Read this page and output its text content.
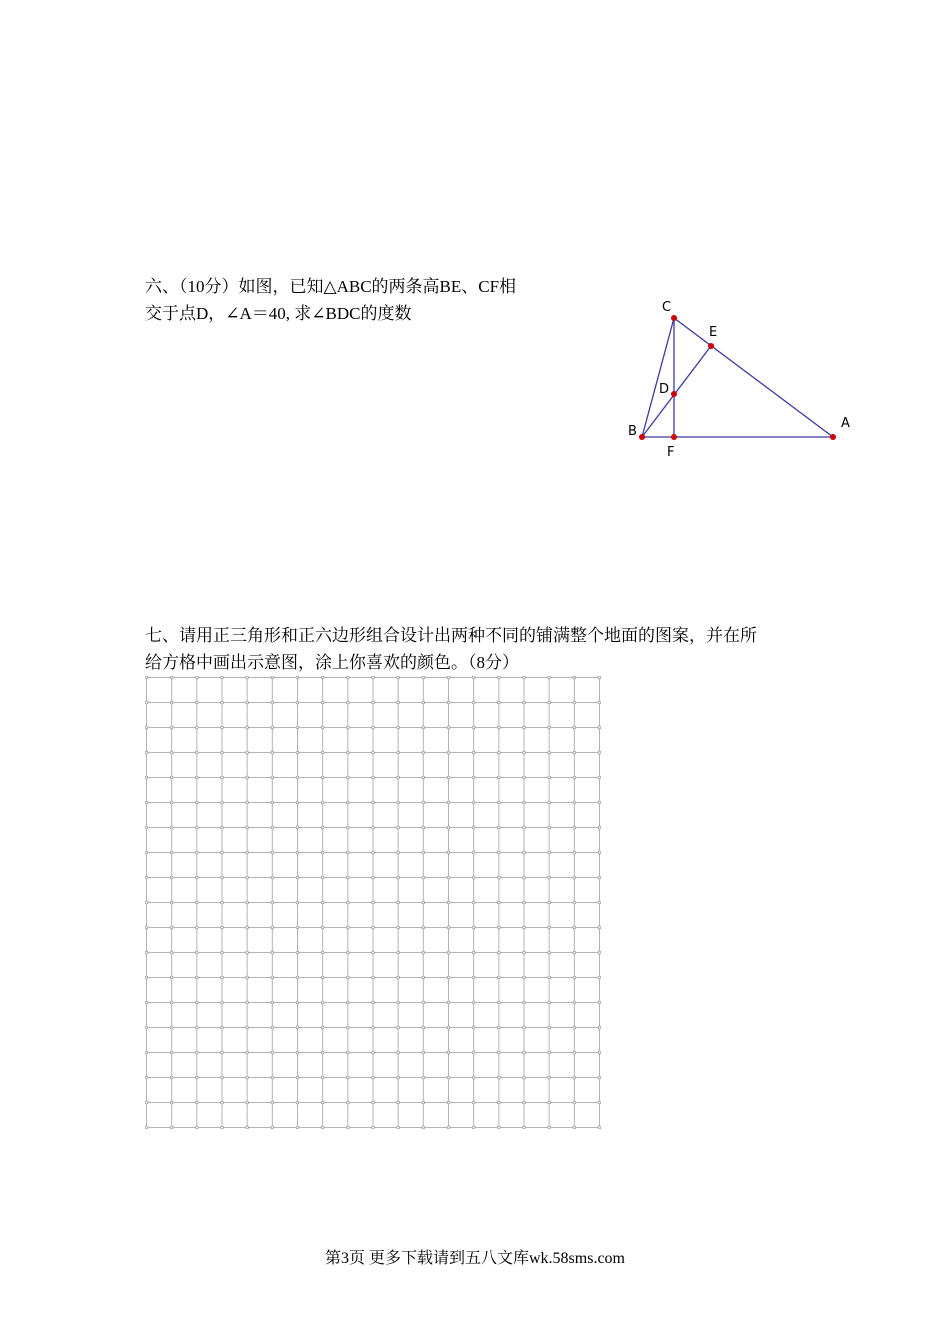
六、（10分）如图，已知△ABC的两条高BE、CF相
交于点D，∠A＝40, 求∠BDC的度数	C
E
D
B
F
A
七、请用正三角形和正六边形组合设计出两种不同的铺满整个地面的图案，并在所
给方格中画出示意图，涂上你喜欢的颜色。（8分）
第3页 更多下载请到五八文库wk.58sms.com
